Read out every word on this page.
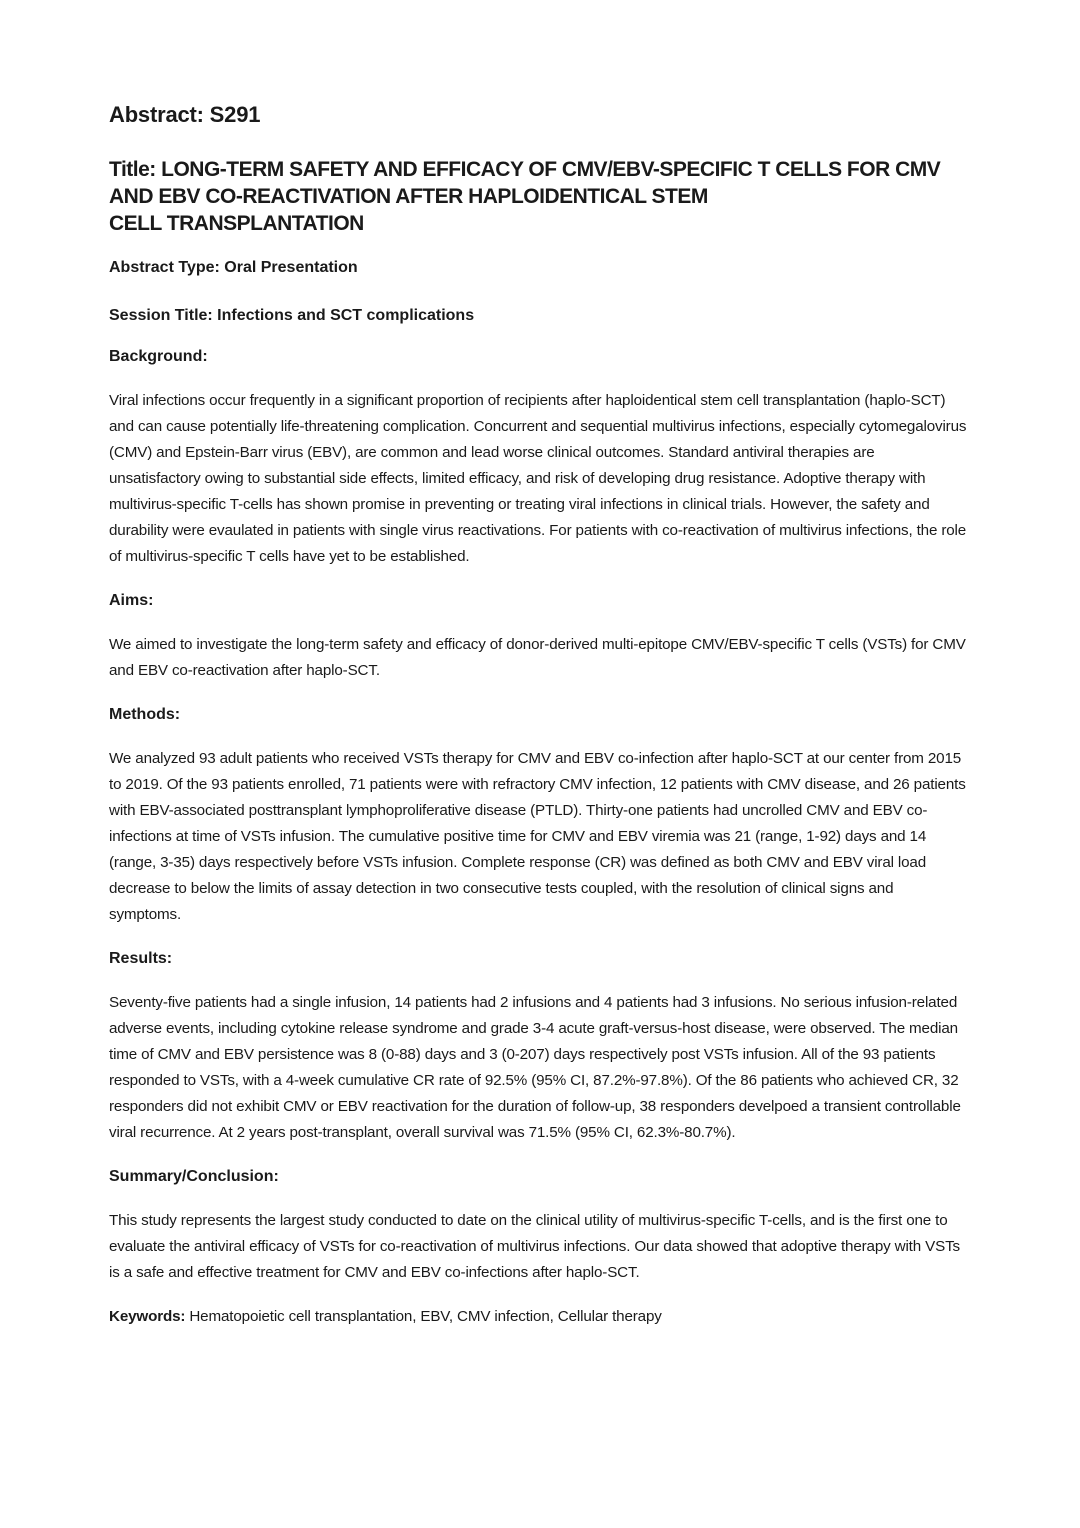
Abstract: S291
Title: LONG-TERM SAFETY AND EFFICACY OF CMV/EBV-SPECIFIC T CELLS FOR CMV
AND EBV CO-REACTIVATION AFTER HAPLOIDENTICAL STEM
CELL TRANSPLANTATION

Abstract Type: Oral Presentation

Session Title: Infections and SCT complications

Background:

Viral infections occur frequently in a significant proportion of recipients after haploidentical stem cell transplantation (haplo-SCT) and can cause potentially life-threatening complication. Concurrent and sequential multivirus infections, especially cytomegalovirus (CMV) and Epstein-Barr virus (EBV), are common and lead worse clinical outcomes. Standard antiviral therapies are unsatisfactory owing to substantial side effects, limited efficacy, and risk of developing drug resistance. Adoptive therapy with multivirus-specific T-cells has shown promise in preventing or treating viral infections in clinical trials. However, the safety and durability were evaulated in patients with single virus reactivations. For patients with co-reactivation of multivirus infections, the role of multivirus-specific T cells have yet to be established.

Aims:

We aimed to investigate the long-term safety and efficacy of donor-derived multi-epitope CMV/EBV-specific T cells (VSTs) for CMV and EBV co-reactivation after haplo-SCT.

Methods:

We analyzed 93 adult patients who received VSTs therapy for CMV and EBV co-infection after haplo-SCT at our center from 2015 to 2019. Of the 93 patients enrolled, 71 patients were with refractory CMV infection, 12 patients with CMV disease, and 26 patients with EBV-associated posttransplant lymphoproliferative disease (PTLD). Thirty-one patients had uncrolled CMV and EBV co-infections at time of VSTs infusion. The cumulative positive time for CMV and EBV viremia was 21 (range, 1-92) days and 14 (range, 3-35) days respectively before VSTs infusion. Complete response (CR) was defined as both CMV and EBV viral load decrease to below the limits of assay detection in two consecutive tests coupled, with the resolution of clinical signs and symptoms.

Results:

Seventy-five patients had a single infusion, 14 patients had 2 infusions and 4 patients had 3 infusions. No serious infusion-related adverse events, including cytokine release syndrome and grade 3-4 acute graft-versus-host disease, were observed. The median time of CMV and EBV persistence was 8 (0-88) days and 3 (0-207) days respectively post VSTs infusion. All of the 93 patients responded to VSTs, with a 4-week cumulative CR rate of 92.5% (95% CI, 87.2%-97.8%). Of the 86 patients who achieved CR, 32 responders did not exhibit CMV or EBV reactivation for the duration of follow-up, 38 responders develpoed a transient controllable viral recurrence. At 2 years post-transplant, overall survival was 71.5% (95% CI, 62.3%-80.7%).

Summary/Conclusion:

This study represents the largest study conducted to date on the clinical utility of multivirus-specific T-cells, and is the first one to evaluate the antiviral efficacy of VSTs for co-reactivation of multivirus infections. Our data showed that adoptive therapy with VSTs is a safe and effective treatment for CMV and EBV co-infections after haplo-SCT.

Keywords: Hematopoietic cell transplantation, EBV, CMV infection, Cellular therapy
